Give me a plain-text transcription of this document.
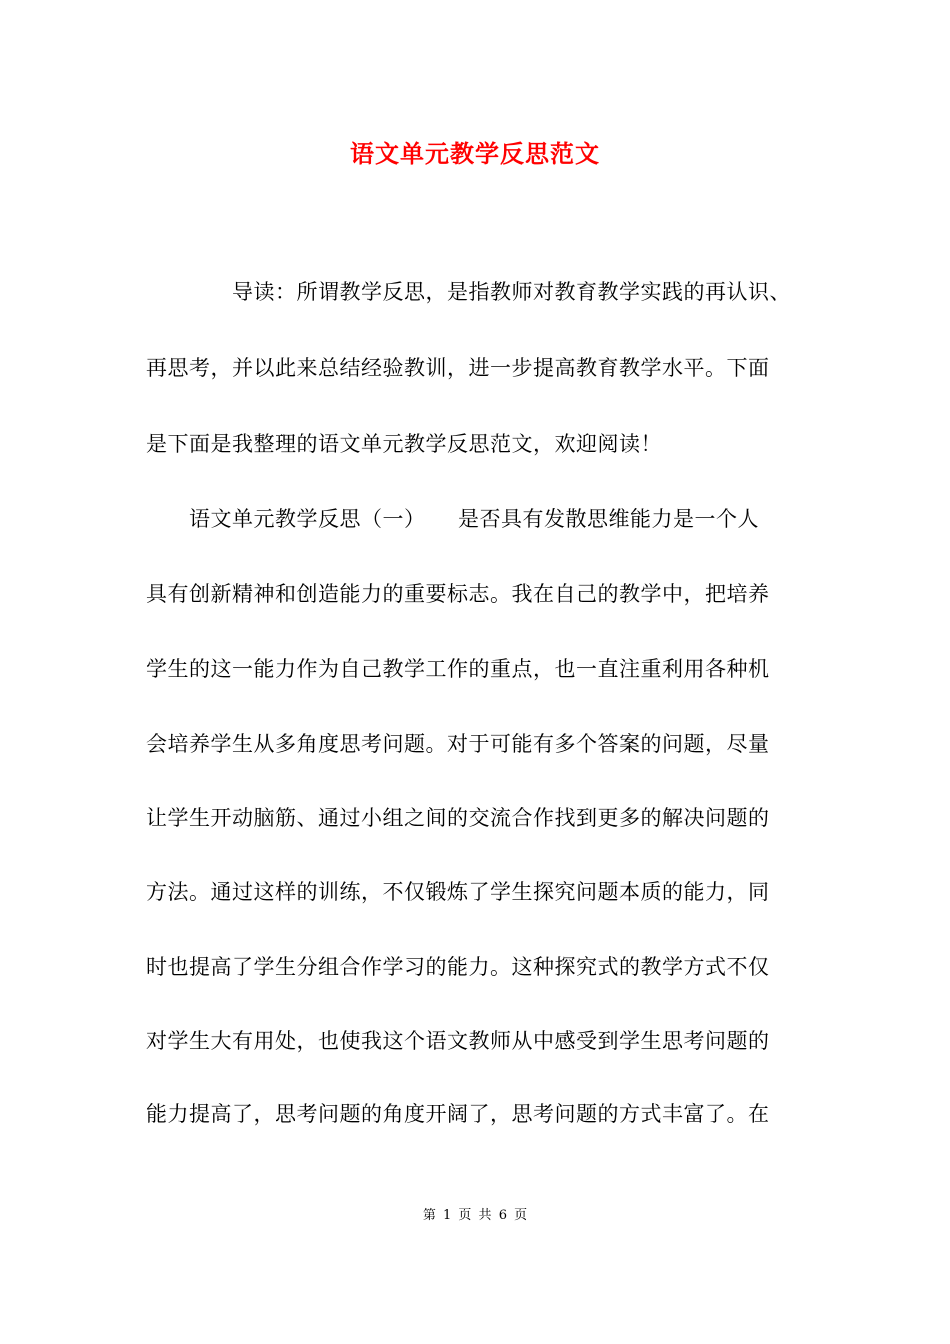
语文单元教学反思范文
导读：所谓教学反思，是指教师对教育教学实践的再认识、
再思考，并以此来总结经验教训，进一步提高教育教学水平。下面
是下面是我整理的语文单元教学反思范文，欢迎阅读！
语文单元教学反思（一）　　是否具有发散思维能力是一个人
具有创新精神和创造能力的重要标志。我在自己的教学中，把培养
学生的这一能力作为自己教学工作的重点，也一直注重利用各种机
会培养学生从多角度思考问题。对于可能有多个答案的问题，尽量
让学生开动脑筋、通过小组之间的交流合作找到更多的解决问题的
方法。通过这样的训练，不仅锻炼了学生探究问题本质的能力，同
时也提高了学生分组合作学习的能力。这种探究式的教学方式不仅
对学生大有用处，也使我这个语文教师从中感受到学生思考问题的
能力提高了，思考问题的角度开阔了，思考问题的方式丰富了。在
第 1 页 共 6 页
